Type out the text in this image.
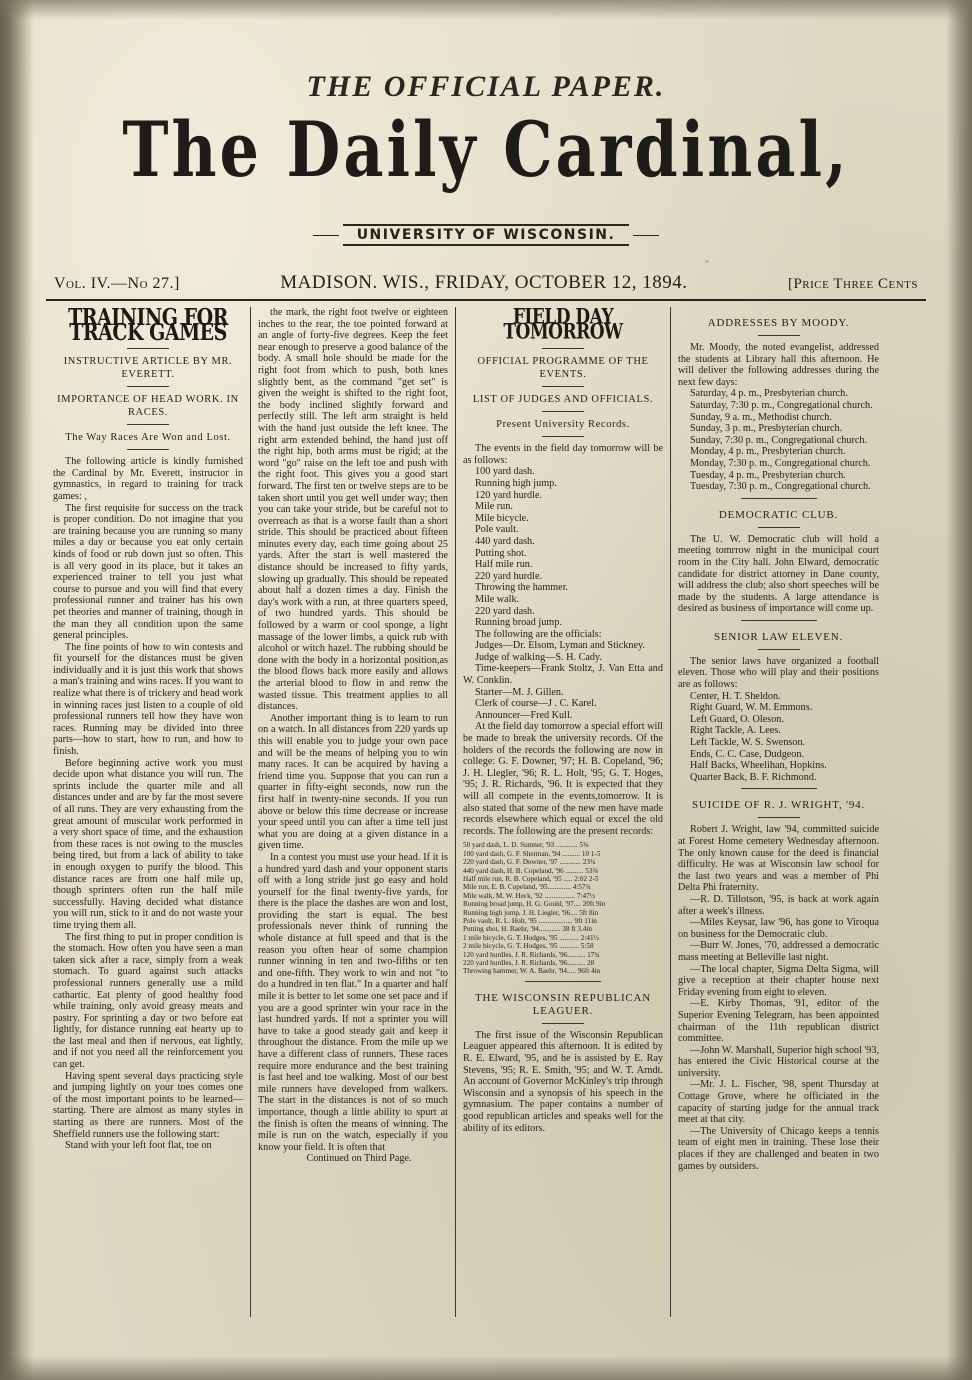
THE OFFICIAL PAPER.
The Daily Cardinal,
UNIVERSITY OF WISCONSIN.
Vol. IV.—No 27.]	MADISON. WIS., FRIDAY, OCTOBER 12, 1894.	[Price Three Cents
TRAINING FOR TRACK GAMES
INSTRUCTIVE ARTICLE BY MR. EVERETT.
IMPORTANCE OF HEAD WORK. IN RACES.
The Way Races Are Won and Lost.

The following article is kindly furnished the Cardinal by Mr. Everett, instructor in gymnastics, in regard to training for track games: ,

The first requisite for success on the track is proper condition. Do not imagine that you are training because you are running so many miles a day or because you eat only certain kinds of food or rub down just so often. This is all very good in its place, but it takes an experienced trainer to tell you just what course to pursue and you will find that every professional runner and trainer has his own pet theories and manner of training, though in the man they all condition upon the same general principles.

The fine points of how to win contests and fit yourself for the distances must be given individually and it is just this work that shows a man's training and wins races. If you want to realize what there is of trickery and head work in winning races just listen to a couple of old professional runners tell how they have won races. Running may be divided into three parts—how to start, how to run, and how to finish.

Before beginning active work you must decide upon what distance you will run. The sprints include the quarter mile and all distances under and are by far the most severe of all runs. They are very exhausting from the great amount of muscular work performed in a very short space of time, and the exhaustion from these races is not owing to the muscles being tired, but from a lack of ability to take in enough oxygen to purify the blood. This distance races are from one half mile up, though sprinters often run the half mile successfully. Having decided what distance you will run, stick to it and do not waste your time trying them all.

The first thing to put in proper condition is the stomach. How often you have seen a man taken sick after a race, simply from a weak stomach. To guard against such attacks professional runners generally use a mild cathartic. Eat plenty of good healthy food while training, only avoid greasy meats and pastry. For sprinting a day or two before eat lightly, for distance running eat hearty up to the last meal and then if nervous, eat lightly, and if not you need all the reinforcement you can get.

Having spent several days practicing style and jumping lightly on your toes comes one of the most important points to be learned—starting. There are almost as many styles in starting as there are runners. Most of the Sheffield runners use the following start:

Stand with your left foot flat, toe on

the mark, the right foot twelve or eighteen inches to the rear, the toe pointed forward at an angle of forty-five degrees. Keep the feet near enough to preserve a good balance of the body. A small hole should be made for the right foot from which to push, both knes slightly bent, as the command "get set" is given the weight is shifted to the right foot, the body inclined slightly forward and perfectly still. The left arm straight is held with the hand just outside the left knee. The right arm extended behind, the hand just off the right hip, both arms must be rigid; at the word "go" raise on the left toe and push with the right foot. This gives you a good start forward. The first ten or twelve steps are to be taken short until you get well under way; then you can take your stride, but be careful not to overreach as that is a worse fault than a short stride. This should be practiced about fifteen minutes every day, each time going about 25 yards. After the start is well mastered the distance should be increased to fifty yards, slowing up gradually. This should be repeated about half a dozen times a day. Finish the day's work with a run, at three quarters speed, of two hundred yards. This should be followed by a warm or cool sponge, a light massage of the lower limbs, a quick rub with alcohol or witch hazel. The rubbing should be done with the body in a horizontal position,as the blood flows back more easily and allows the arterial blood to flow in and renw the wasted tissue. This treatment applies to all distances.

Another important thing is to learn to run on a watch. In all distances from 220 yards up this will enable you to judge your own pace and will be the means of helping you to win many races. It can be acquired by having a friend time you. Suppose that you can run a quarter in fifty-eight seconds, now run the first half in twenty-nine seconds. If you run above or below this time decrease or increase your speed until you can after a time tell just what you are doing at a given distance in a given time.

In a contest you must use your head. If it is a hundred yard dash and your opponent starts off with a long stride just go easy and hold yourself for the final twenty-five yards, for there is the place the dashes are won and lost, providing the start is equal. The best professionals never think of running the whole distance at full speed and that is the reason you often hear of some champion runner winning in ten and two-fifths or ten and one-fifth. They work to win and not "to do a hundred in ten flat." In a quarter and half mile it is better to let some one set pace and if you are a good sprinter win your race in the last hundred yards. If not a sprinter you will have to take a good steady gait and keep it throughout the distance. From the mile up we have a different class of runners. These races require more endurance and the best training is fast heel and toe walking. Most of our best mile runners have developed from walkers. The start in the distances is not of so much importance, though a little ability to spurt at the finish is often the means of winning. The mile is run on the watch, especially if you know your field. It is often that

Continued on Third Page.

FIELD DAY TOMORROW
OFFICIAL PROGRAMME OF THE EVENTS.
LIST OF JUDGES AND OFFICIALS.
Present University Records.

The events in the field day tomorrow will be as follows:

100 yard dash.

Running high jump.

120 yard hurdle.

Mile run.

Mile bicycle.

Pole vault.

440 yard dash.

Putting shot.

Half mile run.

220 yard hurdle.

Throwing the hammer.

Mile walk.

220 yard dash.

Running broad jump.

The following are the officials:

Judges—Dr. Elsom, Lyman and Stickney.

Judge of walking—S. H. Cady.

Time-keepers—Frank Stoltz, J. Van Etta and W. Conklin.

Starter—M. J. Gillen.

Clerk of course—J . C. Karel.

Announcer—Fred Kull.

At the field day tomorrow a special effort will be made to break the university records. Of the holders of the records the following are now in college: G. F. Downer, '97; H. B. Copeland, '96; J. H. Llegler, '96; R. L. Holt, '95; G. T. Hoges, '95; J. R. Richards, '96. It is expected that they will all compete in the events,tomorrow. It is also stated that some of the new men have made records elsewhere which equal or excel the old records. The following are the present records:

50 yard dash, L. D. Sumner, '93 ............ 5⅜
100 yard dash, G. F. Sherman, '94 .......... 10 1-5
220 yard dash, G. F. Downer, '97 ............ 23¾
440 yard dash, H. B. Copeland, '96 .......... 53⅜
Half mile run, R. B. Copeland, '95 ..... 2:02 2-5
Mile run, E. B. Copeland, '95............. 4:57¾
Mile walk, M. W. Heck, '92 ................. 7:47½
Running broad jump, H. G. Gould, '97.... 20ft 9in
Running high jump, J. H. Liegler, '96.... 5ft 8in
Pole vault, R. L. Holt, '95 ................... 9ft 11in
Putting shot, H. Baehr, '94............ 38 ft 3.4in
1 mile bicycle, G. T. Hodges, '95 ........... 2:41½
2 mile bicycle, G. T. Hodges, '95 ........... 5:58
120 yard hurdles, J. R. Richards, '96.......... 17¾
220 yard hurdles, J. R. Richards, '96.......... 28
Throwing hammer, W. A. Baehr, '94..... 96ft 4in
THE WISCONSIN REPUBLICAN LEAGUER.

The first issue of the Wisconsin Republican Leaguer appeared this afternoon. It is edited by R. E. Elward, '95, and he is assisted by E. Ray Stevens, '95; R. E. Smith, '95; and W. T. Arndt. An account of Governor McKinley's trip through Wisconsin and a synopsis of his speech in the gymnasium. The paper contains a number of good republican articles and speaks well for the ability of its editors.

ADDRESSES BY MOODY.

Mr. Moody, the noted evangelist, addressed the students at Library hall this afternoon. He will deliver the following addresses during the next few days:

Saturday, 4 p. m., Presbyterian church.

Saturday, 7:30 p. m., Congregational church.

Sunday, 9 a. m., Methodist church.

Sunday, 3 p. m., Presbyterian church.

Sunday, 7:30 p. m., Congregational church.

Monday, 4 p. m., Presbyterian church.

Monday, 7:30 p. m., Congregational church.

Tuesday, 4 p. m., Presbyterian church.

Tuesday, 7:30 p. m., Congregational church.

DEMOCRATIC CLUB.

The U. W. Democratic club will hold a meeting tomrrow night in the municipal court room in the City hall. John Elward, democratic candidate for district attorney in Dane county, will address the club; also short speeches will be made by the students. A large attendance is desired as business of importance will come up.

SENIOR LAW ELEVEN.

The senior laws have organized a football eleven. Those who will play and their positions are as follows:

Center, H. T. Sheldon.

Right Guard, W. M. Emmons.

Left Guard, O. Oleson.

Right Tackle, A. Lees.

Left Tackle, W. S. Swenson.

Ends, C. C. Case, Dudgeon.

Half Backs, Wheelihan, Hopkins.

Quarter Back, B. F. Richmond.

SUICIDE OF R. J. WRIGHT, '94.

Robert J. Wright, law '94, committed suicide at Forest Home cemetery Wednesday afternoon. The only known cause for the deed is financial difficulty. He was at Wisconsin law school for the last two years and was a member of Phi Delta Phi fraternity.

—R. D. Tillotson, '95, is back at work again after a week's illness.

—Miles Keysar, law '96, has gone to Viroqua on business for the Democratic club.

—Burr W. Jones, '70, addressed a democratic mass meeting at Belleville last night.

—The local chapter, Sigma Delta Sigma, will give a reception at their chapter house next Friday evening from eight to eleven.

—E. Kirby Thomas, '91, editor of the Superior Evening Telegram, has been appointed chairman of the 11th republican district committee.

—John W. Marshall, Superior high school '93, has entered the Civic Historical course at the university.

—Mr. J. L. Fischer, '98, spent Thursday at Cottage Grove, where he officiated in the capacity of starting judge for the annual track meet at that city.

—The University of Chicago keeps a tennis team of eight men in training. These lose their places if they are challenged and beaten in two games by outsiders.
